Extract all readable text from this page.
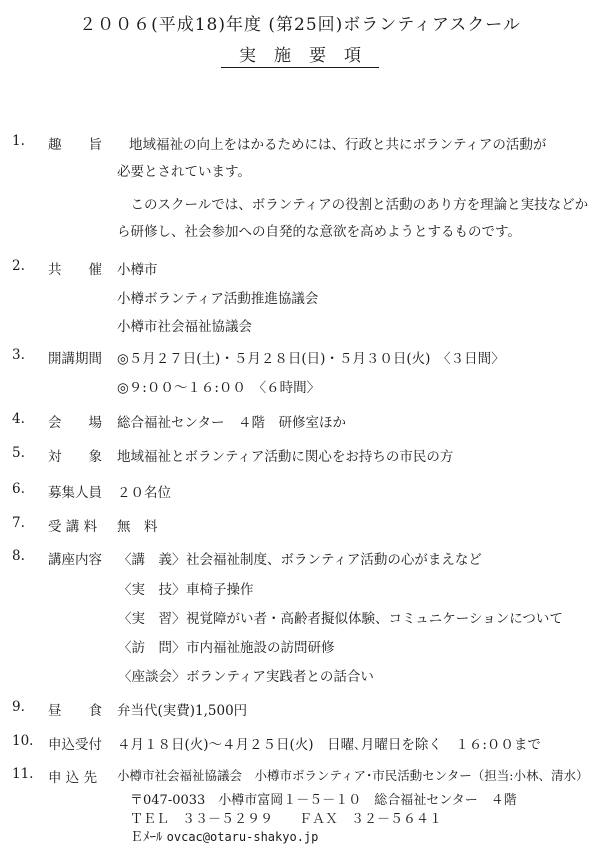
２００６(平成18)年度 (第25回)ボランティアスクール
実施要項
1. 趣　　旨	地域福祉の向上をはかるためには、行政と共にボランティアの活動が
必要とされています。
　このスクールでは、ボランティアの役割と活動のあり方を理論と実技などか
ら研修し、社会参加への自発的な意欲を高めようとするものです。
2. 共　　催	小樽市
小樽ボランティア活動推進協議会
小樽市社会福祉協議会
3. 開講期間	◎５月２７日(土)・５月２８日(日)・５月３０日(火)　〈３日間〉
◎９:００～１６:００　〈６時間〉
4. 会　　場	総合福祉センター　４階　研修室ほか
5. 対　　象	地域福祉とボランティア活動に関心をお持ちの市民の方
6. 募集人員	２０名位
7. 受 講 料	無　料
8. 講座内容	〈講　義〉 社会福祉制度、ボランティア活動の心がまえなど
〈実　技〉 車椅子操作
〈実　習〉 視覚障がい者・高齢者擬似体験、コミュニケーションについて
〈訪　問〉 市内福祉施設の訪問研修
〈座談会〉 ボランティア実践者との話合い
9. 昼　　食	弁当代(実費)1,500円
10. 申込受付	４月１８日(火)～４月２５日(火)　日曜､月曜日を除く　１６:００まで
11. 申 込 先	小樽市社会福祉協議会　小樽市ボランティア･市民活動センター（担当:小林、清水）
〒047-0033　小樽市富岡１－５－１０　総合福祉センター　４階
ＴＥＬ　３３－５２９９　　ＦＡＸ　３２－５６４１
Ｅﾒｰﾙ ovcac@otaru-shakyo.jp
